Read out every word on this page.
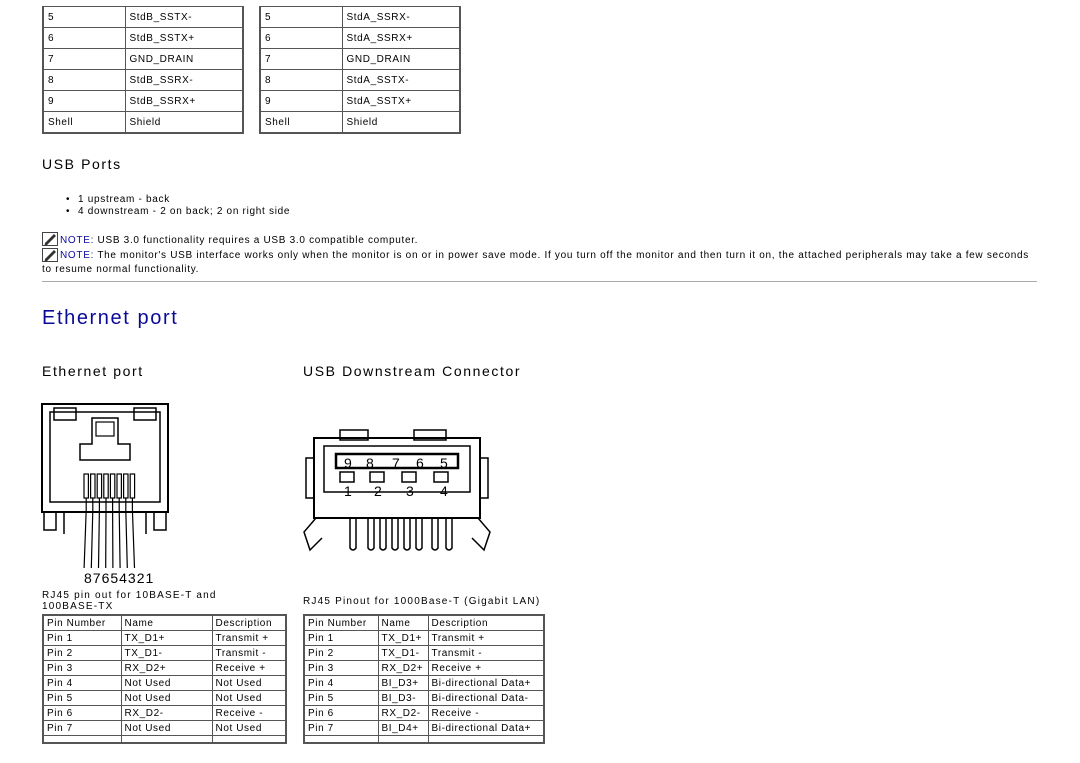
5	StdB_SSTX-
6	StdB_SSTX+
7	GND_DRAIN
8	StdB_SSRX-
9	StdB_SSRX+
Shell	Shield
5	StdA_SSRX-
6	StdA_SSRX+
7	GND_DRAIN
8	StdA_SSTX-
9	StdA_SSTX+
Shell	Shield
USB Ports
• 1 upstream - back
• 4 downstream - 2 on back; 2 on right side
NOTE: USB 3.0 functionality requires a USB 3.0 compatible computer.
NOTE: The monitor's USB interface works only when the monitor is on or in power save mode. If you turn off the monitor and then turn it on, the attached peripherals may take a few seconds to resume normal functionality.
Ethernet port
Ethernet port	USB Downstream Connector
87654321
9 8 7 6 5
1 2 3 4
RJ45 pin out for 10BASE-T and 100BASE-TX	RJ45 Pinout for 1000Base-T (Gigabit LAN)
Pin Number	Name	Description
Pin 1	TX_D1+	Transmit +
Pin 2	TX_D1-	Transmit -
Pin 3	RX_D2+	Receive +
Pin 4	Not Used	Not Used
Pin 5	Not Used	Not Used
Pin 6	RX_D2-	Receive -
Pin 7	Not Used	Not Used

Pin Number	Name	Description
Pin 1	TX_D1+	Transmit +
Pin 2	TX_D1-	Transmit -
Pin 3	RX_D2+	Receive +
Pin 4	BI_D3+	Bi-directional Data+
Pin 5	BI_D3-	Bi-directional Data-
Pin 6	RX_D2-	Receive -
Pin 7	BI_D4+	Bi-directional Data+
